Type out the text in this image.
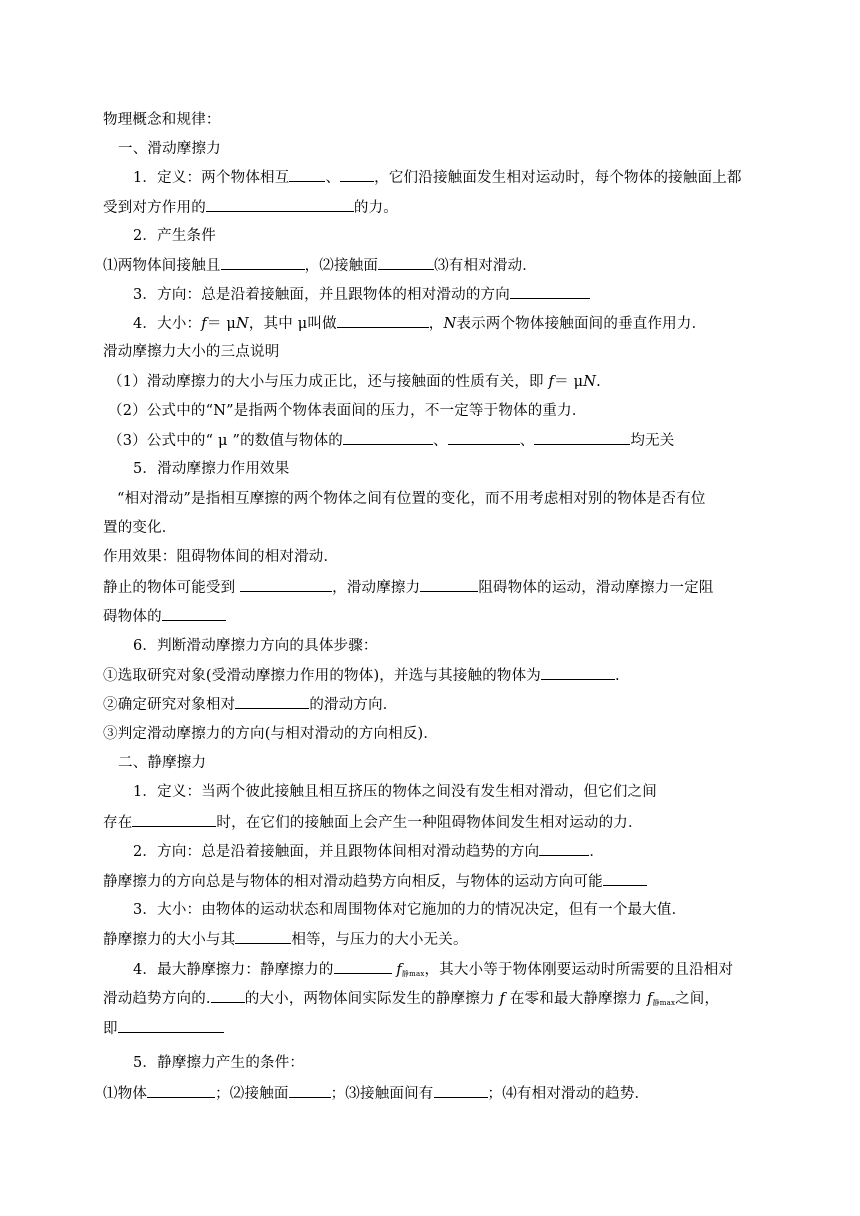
物理概念和规律：
一、滑动摩擦力
1．定义：两个物体相互 、 ，它们沿接触面发生相对运动时，每个物体的接触面上都
受到对方作用的	的力。
2．产生条件
⑴两物体间接触且	，⑵接触面	⑶有相对滑动．
3．方向：总是沿着接触面，并且跟物体的相对滑动的方向
4．大小：f＝ μN，其中 μ叫做	，N表示两个物体接触面间的垂直作用力．
滑动摩擦力大小的三点说明
（1）滑动摩擦力的大小与压力成正比，还与接触面的性质有关，即 f＝ μN.
（2）公式中的“N”是指两个物体表面间的压力，不一定等于物体的重力．
（3）公式中的“ μ ”的数值与物体的	、	、	均无关
5．滑动摩擦力作用效果
“相对滑动”是指相互摩擦的两个物体之间有位置的变化，而不用考虑相对别的物体是否有位
置的变化．
作用效果：阻碍物体间的相对滑动．
静止的物体可能受到	，滑动摩擦力	阻碍物体的运动，滑动摩擦力一定阻
碍物体的
6．判断滑动摩擦力方向的具体步骤：
①选取研究对象(受滑动摩擦力作用的物体)，并选与其接触的物体为	.
②确定研究对象相对	的滑动方向．
③判定滑动摩擦力的方向(与相对滑动的方向相反)．
二、静摩擦力
1．定义：当两个彼此接触且相互挤压的物体之间没有发生相对滑动，但它们之间
存在	时，在它们的接触面上会产生一种阻碍物体间发生相对运动的力．
2．方向：总是沿着接触面，并且跟物体间相对滑动趋势的方向	．
静摩擦力的方向总是与物体的相对滑动趋势方向相反，与物体的运动方向可能
3．大小：由物体的运动状态和周围物体对它施加的力的情况决定，但有一个最大值．
静摩擦力的大小与其	相等，与压力的大小无关。
4．最大静摩擦力：静摩擦力的	$f_{静max}$，其大小等于物体刚要运动时所需要的且沿相对
滑动趋势方向的. 的大小，两物体间实际发生的静摩擦力 f 在零和最大静摩擦力 $f_{静max}$之间，
即
5．静摩擦力产生的条件：
⑴物体	；⑵接触面	；⑶接触面间有	；⑷有相对滑动的趋势．
